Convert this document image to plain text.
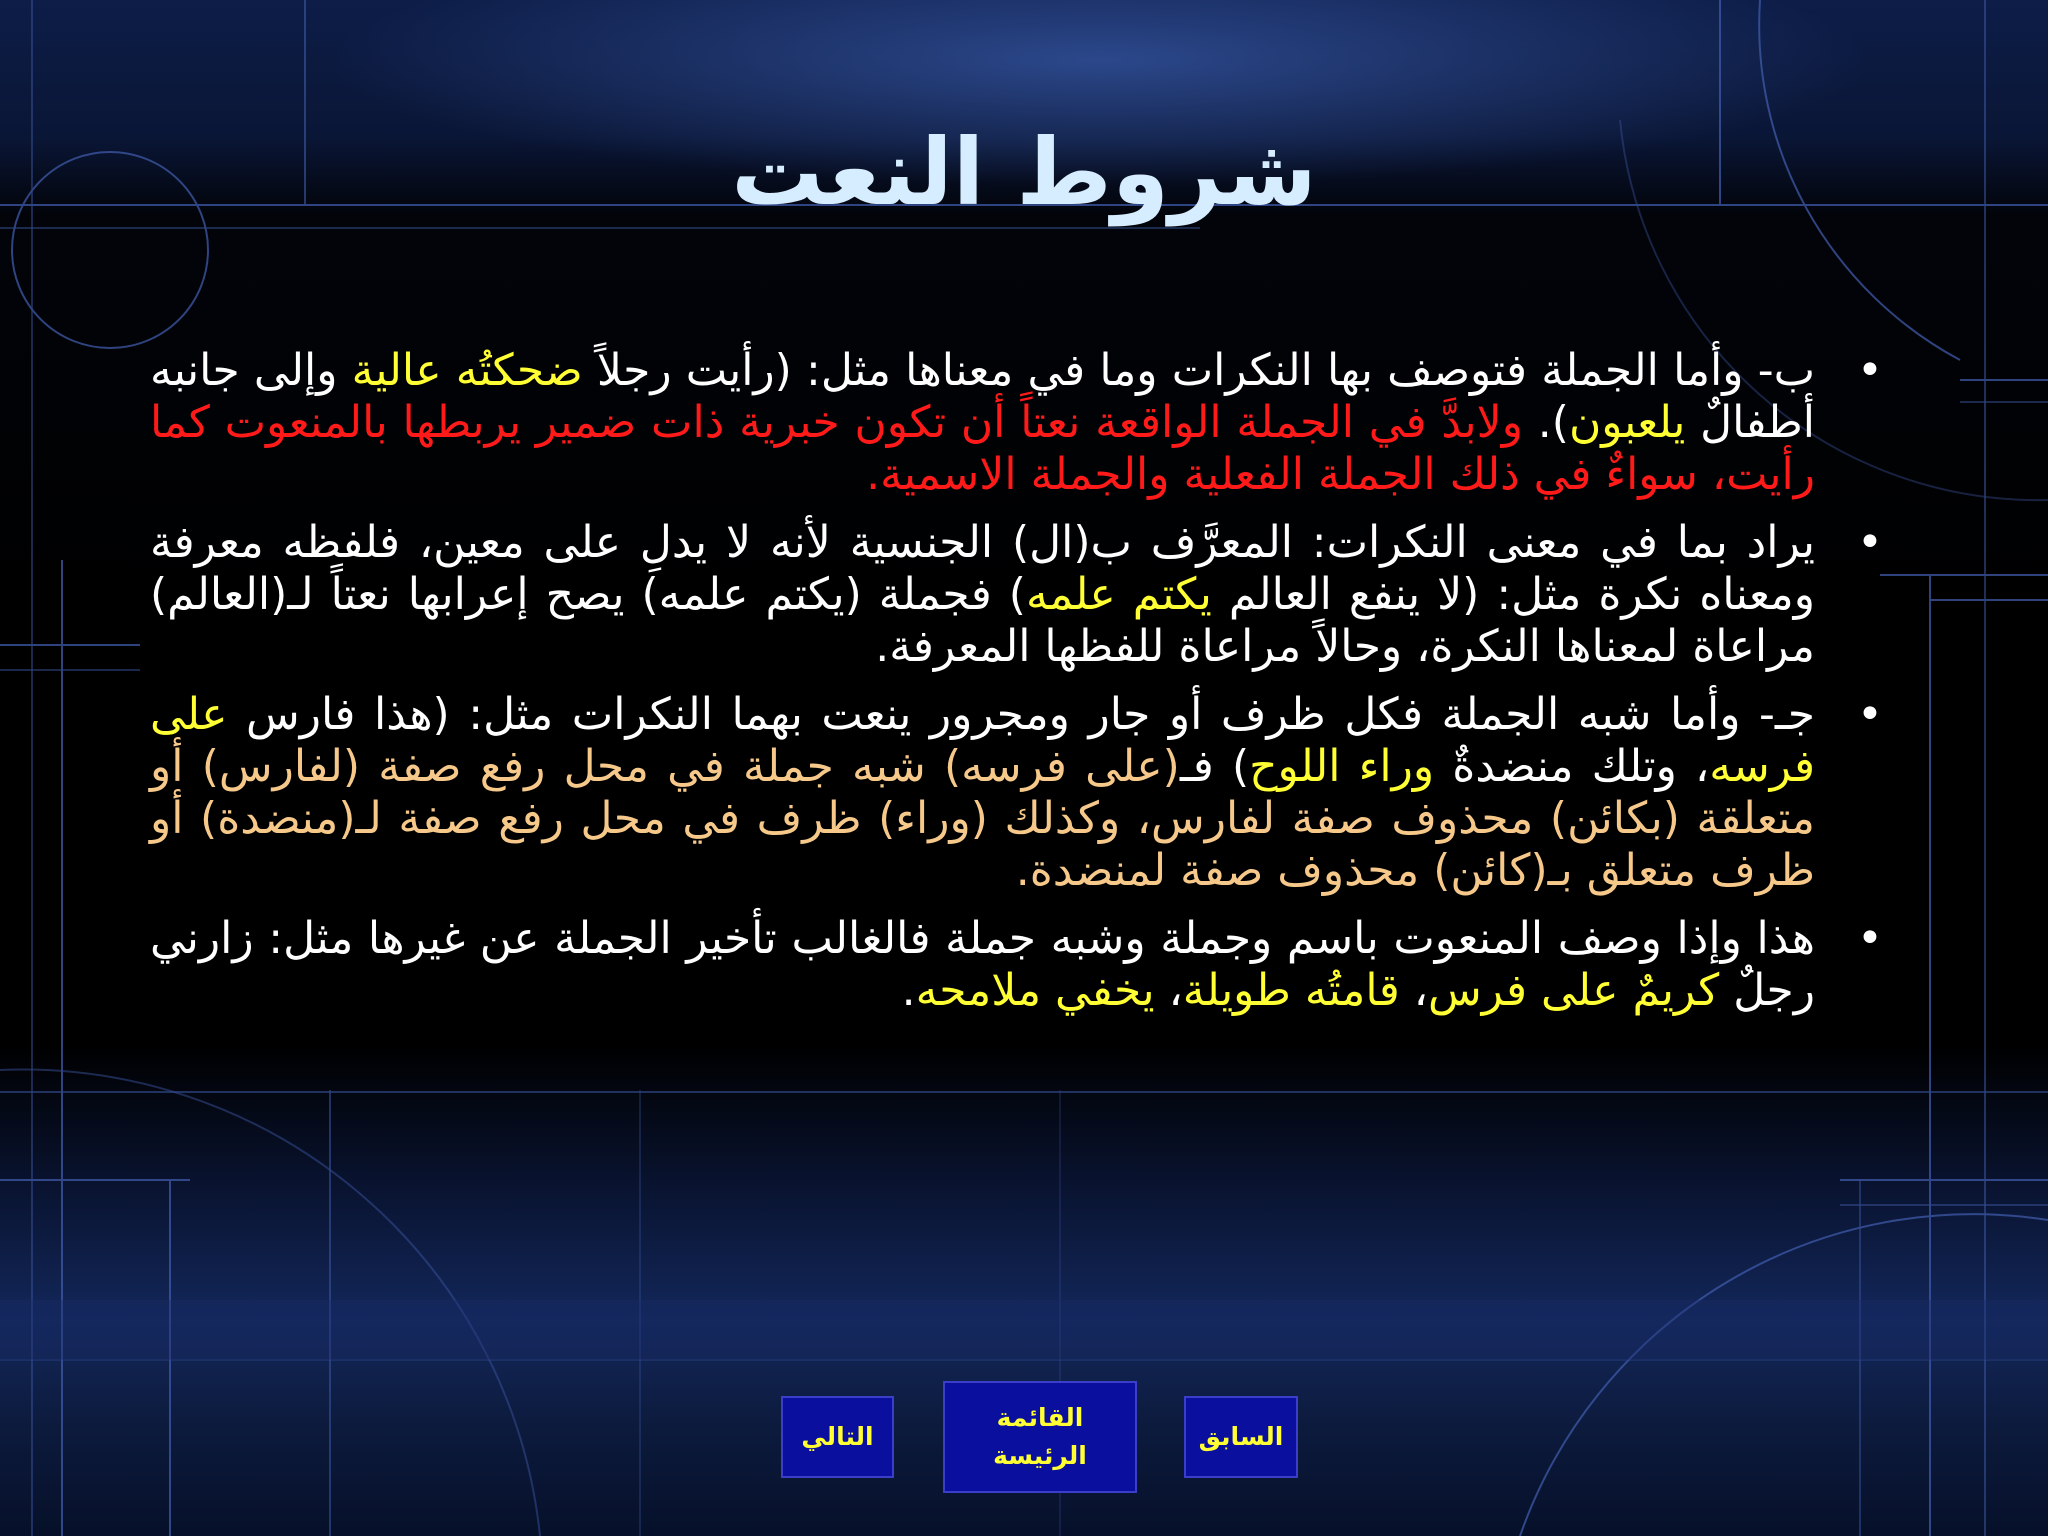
شروط النعت
•
ب- وأما الجملة فتوصف بها النكرات وما في معناها مثل: (رأيت رجلاً ضحكتُه عالية وإلى جانبه أطفالٌ يلعبون). ولابدَّ في الجملة الواقعة نعتاً أن تكون خبرية ذات ضمير يربطها بالمنعوت كما رأيت، سواءٌ في ذلك الجملة الفعلية والجملة الاسمية.
•
يراد بما في معنى النكرات: المعرَّف ب(ال) الجنسية لأنه لا يدلِ على معين، فلفظه معرفة ومعناه نكرة مثل: (لا ينفع العالم يكتم علمه) فجملة (يكتم علمه) يصح إعرابها نعتاً لـ(العالم) مراعاة لمعناها النكرة، وحالاً مراعاة للفظها المعرفة.
•
جـ- وأما شبه الجملة فكل ظرف أو جار ومجرور ينعت بهما النكرات مثل: (هذا فارس على فرسه، وتلك منضدةٌ وراء اللوح) فـ(على فرسه) شبه جملة في محل رفع صفة (لفارس) أو متعلقة (بكائن) محذوف صفة لفارس، وكذلك (وراء) ظرف في محل رفع صفة لـ(منضدة) أو ظرف متعلق بـ(كائن) محذوف صفة لمنضدة.
•
هذا وإذا وصف المنعوت باسم وجملة وشبه جملة فالغالب تأخير الجملة عن غيرها مثل: زارني رجلٌ كريمٌ على فرس، قامتُه طويلة، يخفي ملامحه.
التالي
القائمة
الرئيسة
السابق
